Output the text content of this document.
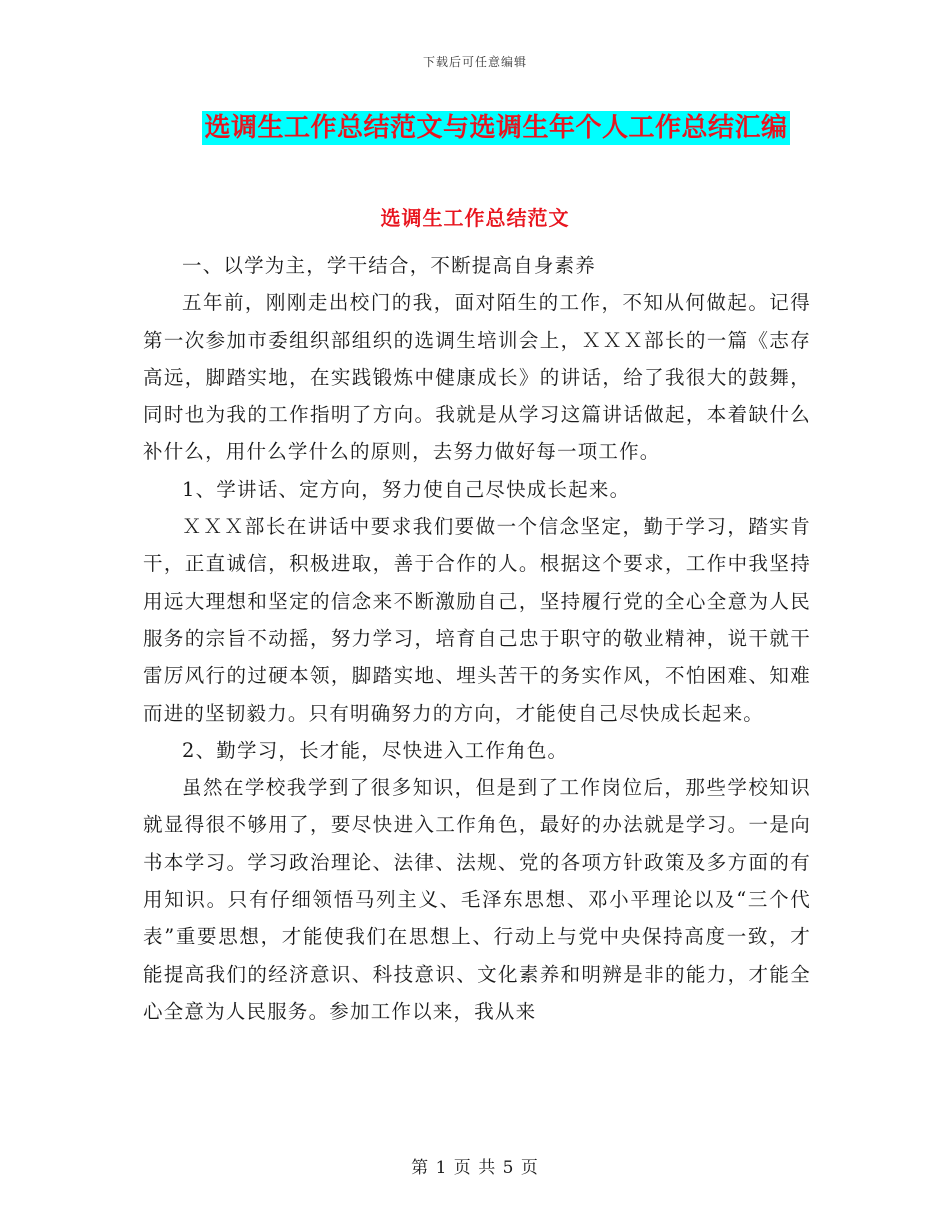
下载后可任意编辑
选调生工作总结范文与选调生年个人工作总结汇编
选调生工作总结范文

一、以学为主，学干结合，不断提高自身素养

五年前，刚刚走出校门的我，面对陌生的工作，不知从何做起。记得第一次参加市委组织部组织的选调生培训会上，ＸＸＸ部长的一篇《志存高远，脚踏实地，在实践锻炼中健康成长》的讲话，给了我很大的鼓舞，同时也为我的工作指明了方向。我就是从学习这篇讲话做起，本着缺什么补什么，用什么学什么的原则，去努力做好每一项工作。

1、学讲话、定方向，努力使自己尽快成长起来。

ＸＸＸ部长在讲话中要求我们要做一个信念坚定，勤于学习，踏实肯干，正直诚信，积极进取，善于合作的人。根据这个要求，工作中我坚持用远大理想和坚定的信念来不断激励自己，坚持履行党的全心全意为人民服务的宗旨不动摇，努力学习，培育自己忠于职守的敬业精神，说干就干雷厉风行的过硬本领，脚踏实地、埋头苦干的务实作风，不怕困难、知难而进的坚韧毅力。只有明确努力的方向，才能使自己尽快成长起来。

2、勤学习，长才能，尽快进入工作角色。

虽然在学校我学到了很多知识，但是到了工作岗位后，那些学校知识就显得很不够用了，要尽快进入工作角色，最好的办法就是学习。一是向书本学习。学习政治理论、法律、法规、党的各项方针政策及多方面的有用知识。只有仔细领悟马列主义、毛泽东思想、邓小平理论以及“三个代表”重要思想，才能使我们在思想上、行动上与党中央保持高度一致，才能提高我们的经济意识、科技意识、文化素养和明辨是非的能力，才能全心全意为人民服务。参加工作以来，我从来

第 1 页 共 5 页
